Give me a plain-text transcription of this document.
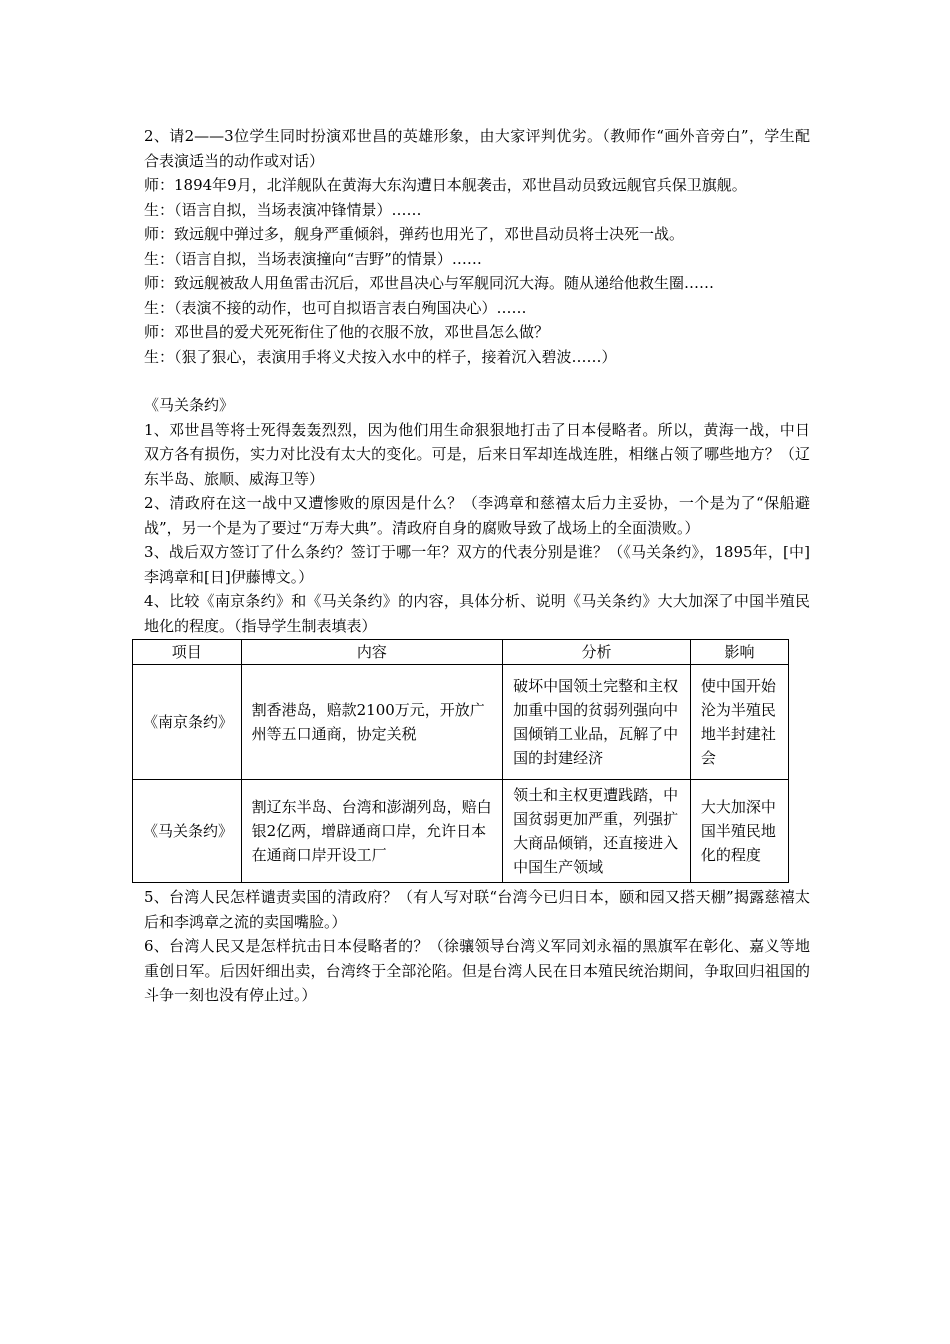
2、请2——3位学生同时扮演邓世昌的英雄形象，由大家评判优劣。（教师作“画外音旁白”，学生配合表演适当的动作或对话）
师：1894年9月，北洋舰队在黄海大东沟遭日本舰袭击，邓世昌动员致远舰官兵保卫旗舰。
生：（语言自拟，当场表演冲锋情景）……
师：致远舰中弹过多，舰身严重倾斜，弹药也用光了，邓世昌动员将士决死一战。
生：（语言自拟，当场表演撞向“吉野”的情景）……
师：致远舰被敌人用鱼雷击沉后，邓世昌决心与军舰同沉大海。随从递给他救生圈……
生：（表演不接的动作，也可自拟语言表白殉国决心）……
师：邓世昌的爱犬死死衔住了他的衣服不放，邓世昌怎么做？
生：（狠了狠心，表演用手将义犬按入水中的样子，接着沉入碧波……）
《马关条约》
1、邓世昌等将士死得轰轰烈烈，因为他们用生命狠狠地打击了日本侵略者。所以，黄海一战，中日双方各有损伤，实力对比没有太大的变化。可是，后来日军却连战连胜，相继占领了哪些地方？（辽东半岛、旅顺、威海卫等）
2、清政府在这一战中又遭惨败的原因是什么？（李鸿章和慈禧太后力主妥协，一个是为了“保船避战”，另一个是为了要过“万寿大典”。清政府自身的腐败导致了战场上的全面溃败。）
3、战后双方签订了什么条约？签订于哪一年？双方的代表分别是谁？（《马关条约》，1895年，[中]李鸿章和[日]伊藤博文。）
4、比较《南京条约》和《马关条约》的内容，具体分析、说明《马关条约》大大加深了中国半殖民地化的程度。（指导学生制表填表）
项目	内容	分析	影响
《南京条约》	割香港岛，赔款2100万元，开放广州等五口通商，协定关税	破坏中国领土完整和主权加重中国的贫弱列强向中国倾销工业品，瓦解了中国的封建经济	使中国开始沦为半殖民地半封建社会
《马关条约》	割辽东半岛、台湾和澎湖列岛，赔白银2亿两，增辟通商口岸，允许日本在通商口岸开设工厂	领土和主权更遭践踏，中国贫弱更加严重，列强扩大商品倾销，还直接进入中国生产领域	大大加深中国半殖民地化的程度
5、台湾人民怎样谴责卖国的清政府？（有人写对联“台湾今已归日本，颐和园又搭天棚”揭露慈禧太后和李鸿章之流的卖国嘴脸。）
6、台湾人民又是怎样抗击日本侵略者的？（徐骧领导台湾义军同刘永福的黑旗军在彰化、嘉义等地重创日军。后因奸细出卖，台湾终于全部沦陷。但是台湾人民在日本殖民统治期间，争取回归祖国的斗争一刻也没有停止过。）
